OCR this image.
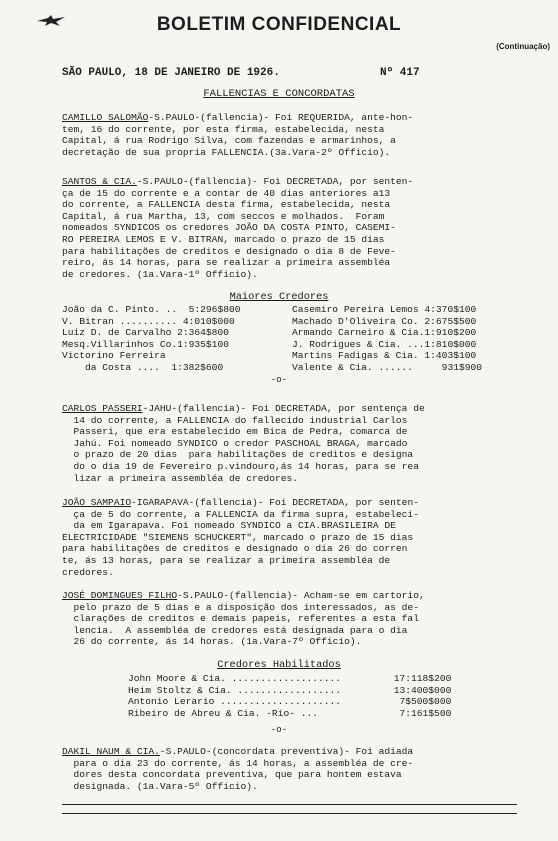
BOLETIM CONFIDENCIAL
(Continuação)
SÃO PAULO, 18 DE JANEIRO DE 1926.	Nº 417
FALLENCIAS E CONCORDATAS
CAMILLO SALOMÃO-S.PAULO-(fallencia)- Foi REQUERIDA, ante-hon-
tem, 16 do corrente, por esta firma, estabelecida, nesta
Capital, á rua Rodrigo Silva, com fazendas e armarinhos, a
decretação de sua propria FALLENCIA.(3a.Vara-2º Officio).
SANTOS & CIA.-S.PAULO-(fallencia)- Foi DECRETADA, por senten-
ça de 15 do corrente e a contar de 40 dias anteriores a13
do corrente, a FALLENCIA desta firma, estabelecida, nesta
Capital, á rua Martha, 13, com seccos e molhados.  Foram
nomeados SYNDICOS os credores JOÃO DA COSTA PINTO, CASEMI-
RO PEREIRA LEMOS E V. BITRAN, marcado o prazo de 15 dias
para habilitações de creditos e designado o dia 8 de Feve-
reiro, ás 14 horas, para se realizar a primeira assembléa
de credores. (1a.Vara-1º Officio).
Maiores Credores
João da C. Pinto. ..  5:296$800
V. Bitran .......... 4:010$000
Luiz D. de Carvalho 2:364$800
Mesq.Villarinhos Co.1:935$100
Victorino Ferreira
da Costa ....  1:382$600
Casemiro Pereira Lemos 4:370$100
Machado D'Oliveira Co. 2:675$500
Armando Carneiro & Cia.1:910$200
J. Rodrigues & Cia. ...1:810$000
Martins Fadigas & Cia. 1:403$100
Valente & Cia. ......     931$900
-o-
CARLOS PASSERI-JAHU-(fallencia)- Foi DECRETADA, por sentença de
14 do corrente, a FALLENCIA do fallecido industrial Carlos
Passeri, que era estabelecido em Bica de Pedra, comarca de
Jahú. Foi nomeado SYNDICO o credor PASCHOAL BRAGA, marcado
o prazo de 20 dias  para habilitações de creditos e designa
do o dia 19 de Fevereiro p.vindouro,ás 14 horas, para se rea
lizar a primeira assembléa de credores.
JOÃO SAMPAIO-IGARAPAVA-(fallencia)- Foi DECRETADA, por senten-
ça de 5 do corrente, a FALLENCIA da firma supra, estabeleci-
da em Igarapava. Foi nomeado SYNDICO a CIA.BRASILEIRA DE
ELECTRICIDADE "SIEMENS SCHUCKERT", marcado o prazo de 15 dias
para habilitações de creditos e designado o dia 26 do corren
te, ás 13 horas, para se realizar a primeira assembléa de
credores.
JOSÉ DOMINGUES FILHO-S.PAULO-(fallencia)- Acham-se em cartorio,
pelo prazo de 5 dias e a disposição dos interessados, as de-
clarações de creditos e demais papeis, referentes a esta fal
lencia.  A assembléa de credores está designada para o dia
26 do corrente, ás 14 horas. (1a.Vara-7º Officio).
Credores Habilitados
John Moore & Cia. ...................
Heim Stoltz & Cia. ..................
Antonio Lerario .....................
Ribeiro de Abreu & Cia. -Rio- ...
17:118$200
13:400$000
7$500$000
7:161$500
-o-
DAKIL NAUM & CIA.-S.PAULO-(concordata preventiva)- Foi adiada
para o dia 23 do corrente, ás 14 horas, a assembléa de cre-
dores desta concordata preventiva, que para hontem estava
designada. (1a.Vara-5º Officio).
